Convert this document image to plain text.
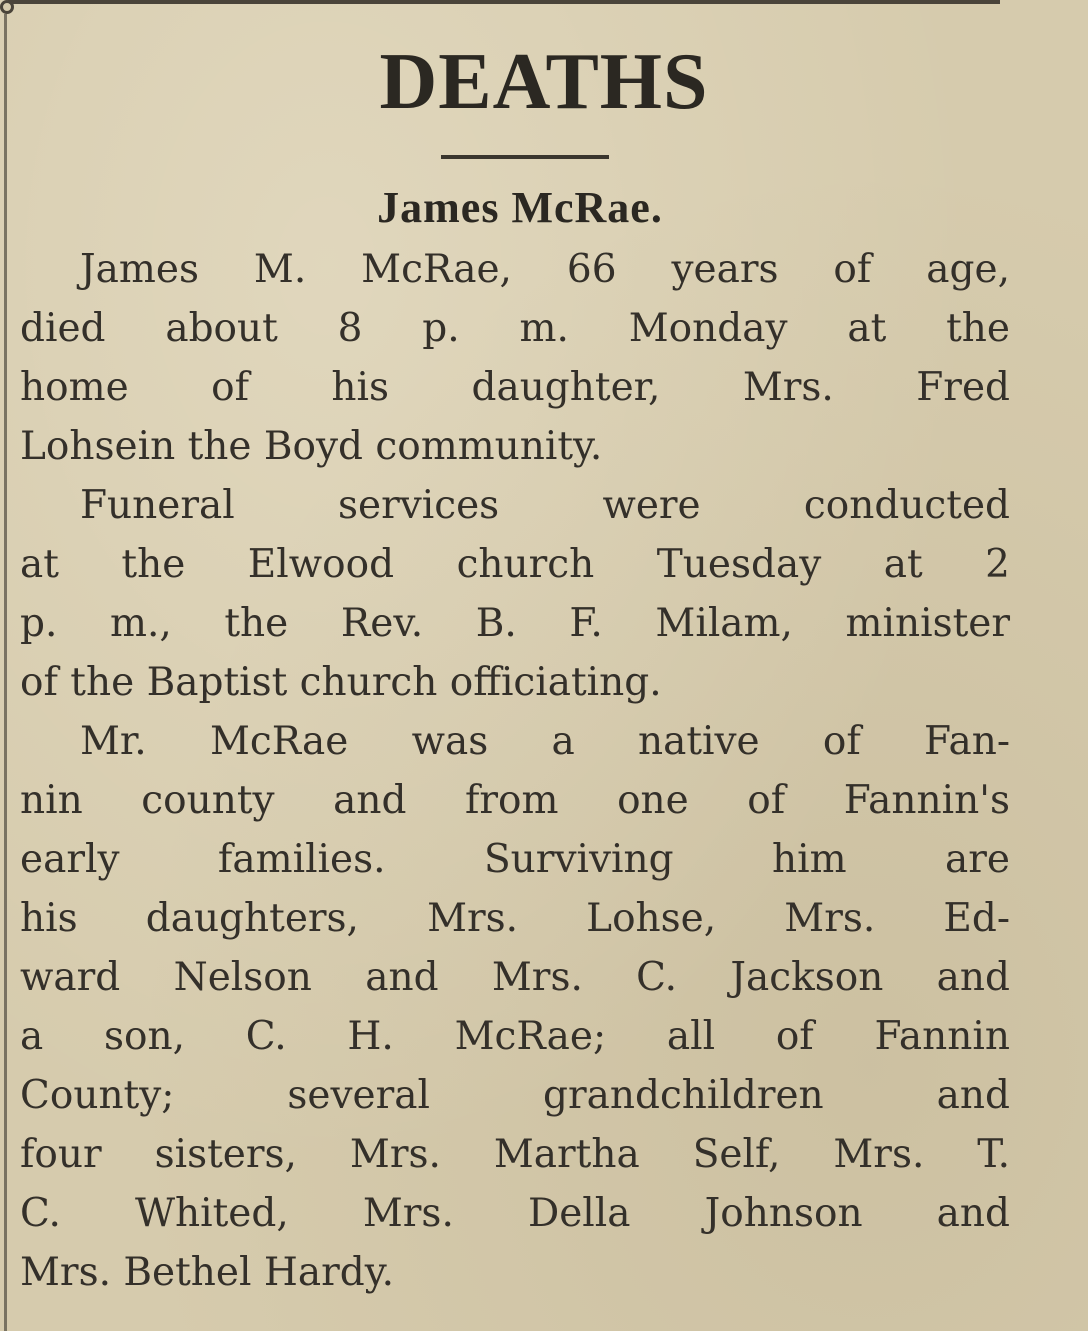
DEATHS
James McRae.
James M. McRae, 66 years of age,
died about 8 p. m. Monday at the
home of his daughter, Mrs. Fred
Lohsein the Boyd community.
Funeral services were conducted
at the Elwood church Tuesday at 2
p. m., the Rev. B. F. Milam, minister
of the Baptist church officiating.
Mr. McRae was a native of Fan-
nin county and from one of Fannin's
early families. Surviving him are
his daughters, Mrs. Lohse, Mrs. Ed-
ward Nelson and Mrs. C. Jackson and
a son, C. H. McRae; all of Fannin
County; several grandchildren and
four sisters, Mrs. Martha Self, Mrs. T.
C. Whited, Mrs. Della Johnson and
Mrs. Bethel Hardy.
